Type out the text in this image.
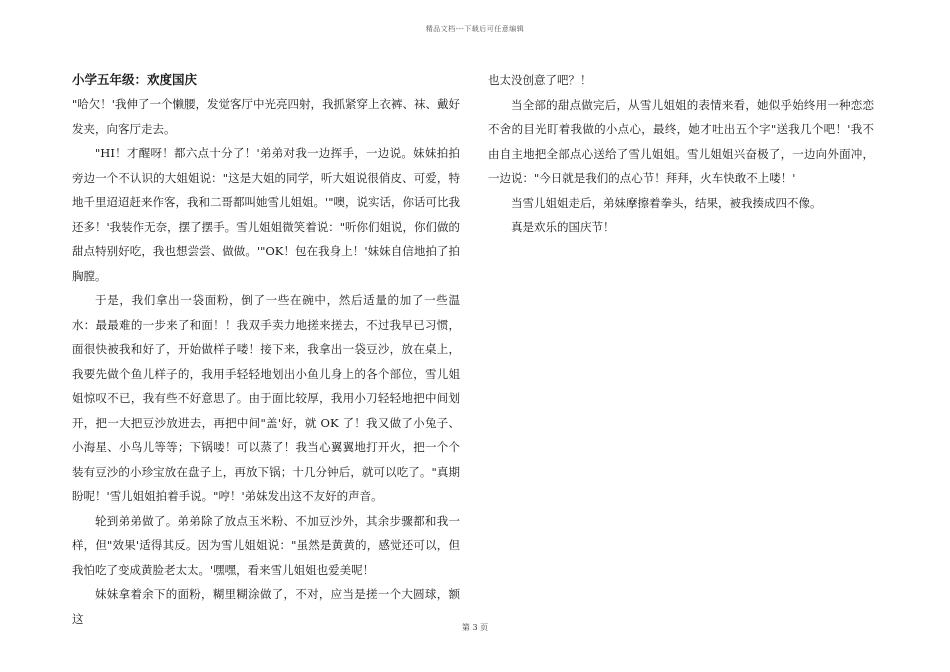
精品文档---下载后可任意编辑
小学五年级：欢度国庆

"哈欠！'我伸了一个懒腰，发觉客厅中光亮四射，我抓紧穿上衣裤、袜、戴好发夹，向客厅走去。

"HI！才醒呀！都六点十分了！'弟弟对我一边挥手，一边说。妹妹拍拍旁边一个不认识的大姐姐说："这是大姐的同学，听大姐说很俏皮、可爱，特地千里迢迢赶来作客，我和二哥都叫她雪儿姐姐。'"噢，说实话，你话可比我还多！'我装作无奈，摆了摆手。雪儿姐姐微笑着说："听你们姐说，你们做的甜点特别好吃，我也想尝尝、做做。'"OK！包在我身上！'妹妹自信地拍了拍胸膛。

于是，我们拿出一袋面粉，倒了一些在碗中，然后适量的加了一些温水：最最难的一步来了和面！！我双手卖力地搓来搓去，不过我早已习惯，面很快被我和好了，开始做样子喽！接下来，我拿出一袋豆沙，放在桌上，我要先做个鱼儿样子的，我用手轻轻地划出小鱼儿身上的各个部位，雪儿姐姐惊叹不已，我有些不好意思了。由于面比较厚，我用小刀轻轻地把中间划开，把一大把豆沙放进去，再把中间"盖'好，就 OK 了！我又做了小兔子、小海星、小鸟儿等等；下锅喽！可以蒸了！我当心翼翼地打开火，把一个个装有豆沙的小珍宝放在盘子上，再放下锅；十几分钟后，就可以吃了。"真期盼呢！'雪儿姐姐拍着手说。"哼！'弟妹发出这不友好的声音。

轮到弟弟做了。弟弟除了放点玉米粉、不加豆沙外，其余步骤都和我一样，但"效果'适得其反。因为雪儿姐姐说："虽然是黄黄的，感觉还可以，但我怕吃了变成黄脸老太太。'嘿嘿，看来雪儿姐姐也爱美呢！

妹妹拿着余下的面粉，糊里糊涂做了，不对，应当是搓一个大圆球，额这

也太没创意了吧？！

当全部的甜点做完后，从雪儿姐姐的表情来看，她似乎始终用一种恋恋不舍的目光盯着我做的小点心，最终，她才吐出五个字"送我几个吧！'我不由自主地把全部点心送给了雪儿姐姐。雪儿姐姐兴奋极了，一边向外面冲，一边说："今日就是我们的点心节！拜拜，火车快敢不上喽！'

当雪儿姐姐走后，弟妹摩擦着拳头，结果，被我揍成四不像。

真是欢乐的国庆节！

第 3 页
